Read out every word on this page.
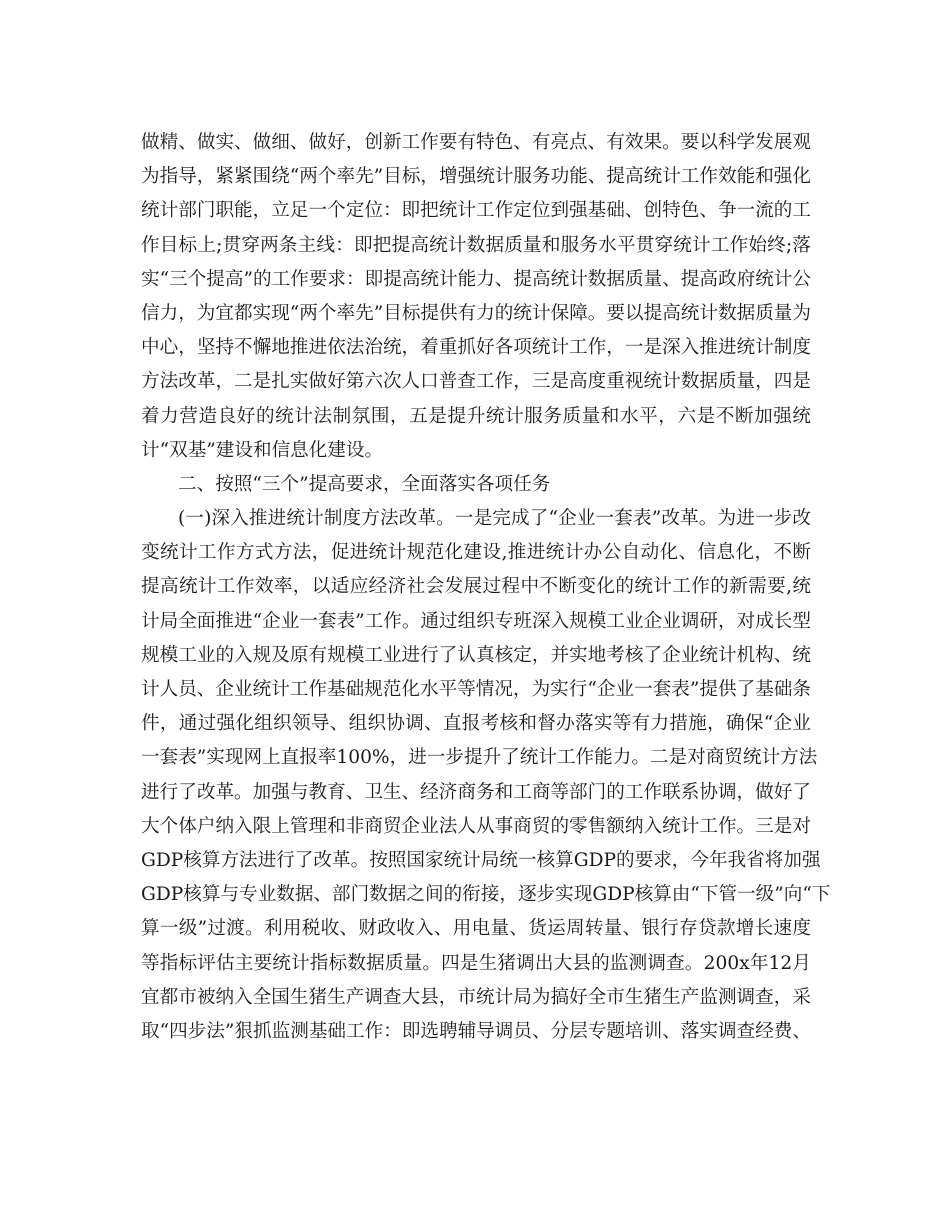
做精、做实、做细、做好，创新工作要有特色、有亮点、有效果。要以科学发展观
为指导，紧紧围绕“两个率先”目标，增强统计服务功能、提高统计工作效能和强化
统计部门职能，立足一个定位：即把统计工作定位到强基础、创特色、争一流的工
作目标上;贯穿两条主线：即把提高统计数据质量和服务水平贯穿统计工作始终;落
实“三个提高”的工作要求：即提高统计能力、提高统计数据质量、提高政府统计公
信力，为宜都实现“两个率先”目标提供有力的统计保障。要以提高统计数据质量为
中心，坚持不懈地推进依法治统，着重抓好各项统计工作，一是深入推进统计制度
方法改革，二是扎实做好第六次人口普查工作，三是高度重视统计数据质量，四是
着力营造良好的统计法制氛围，五是提升统计服务质量和水平，六是不断加强统
计“双基”建设和信息化建设。
二、按照“三个”提高要求，全面落实各项任务
(一)深入推进统计制度方法改革。一是完成了“企业一套表”改革。为进一步改
变统计工作方式方法，促进统计规范化建设,推进统计办公自动化、信息化，不断
提高统计工作效率，以适应经济社会发展过程中不断变化的统计工作的新需要,统
计局全面推进“企业一套表”工作。通过组织专班深入规模工业企业调研，对成长型
规模工业的入规及原有规模工业进行了认真核定，并实地考核了企业统计机构、统
计人员、企业统计工作基础规范化水平等情况，为实行“企业一套表”提供了基础条
件，通过强化组织领导、组织协调、直报考核和督办落实等有力措施，确保“企业
一套表”实现网上直报率100%，进一步提升了统计工作能力。二是对商贸统计方法
进行了改革。加强与教育、卫生、经济商务和工商等部门的工作联系协调，做好了
大个体户纳入限上管理和非商贸企业法人从事商贸的零售额纳入统计工作。三是对
GDP核算方法进行了改革。按照国家统计局统一核算GDP的要求，今年我省将加强
GDP核算与专业数据、部门数据之间的衔接，逐步实现GDP核算由“下管一级”向“下
算一级”过渡。利用税收、财政收入、用电量、货运周转量、银行存贷款增长速度
等指标评估主要统计指标数据质量。四是生猪调出大县的监测调查。200x年12月
宜都市被纳入全国生猪生产调查大县，市统计局为搞好全市生猪生产监测调查，采
取“四步法”狠抓监测基础工作：即选聘辅导调员、分层专题培训、落实调查经费、
